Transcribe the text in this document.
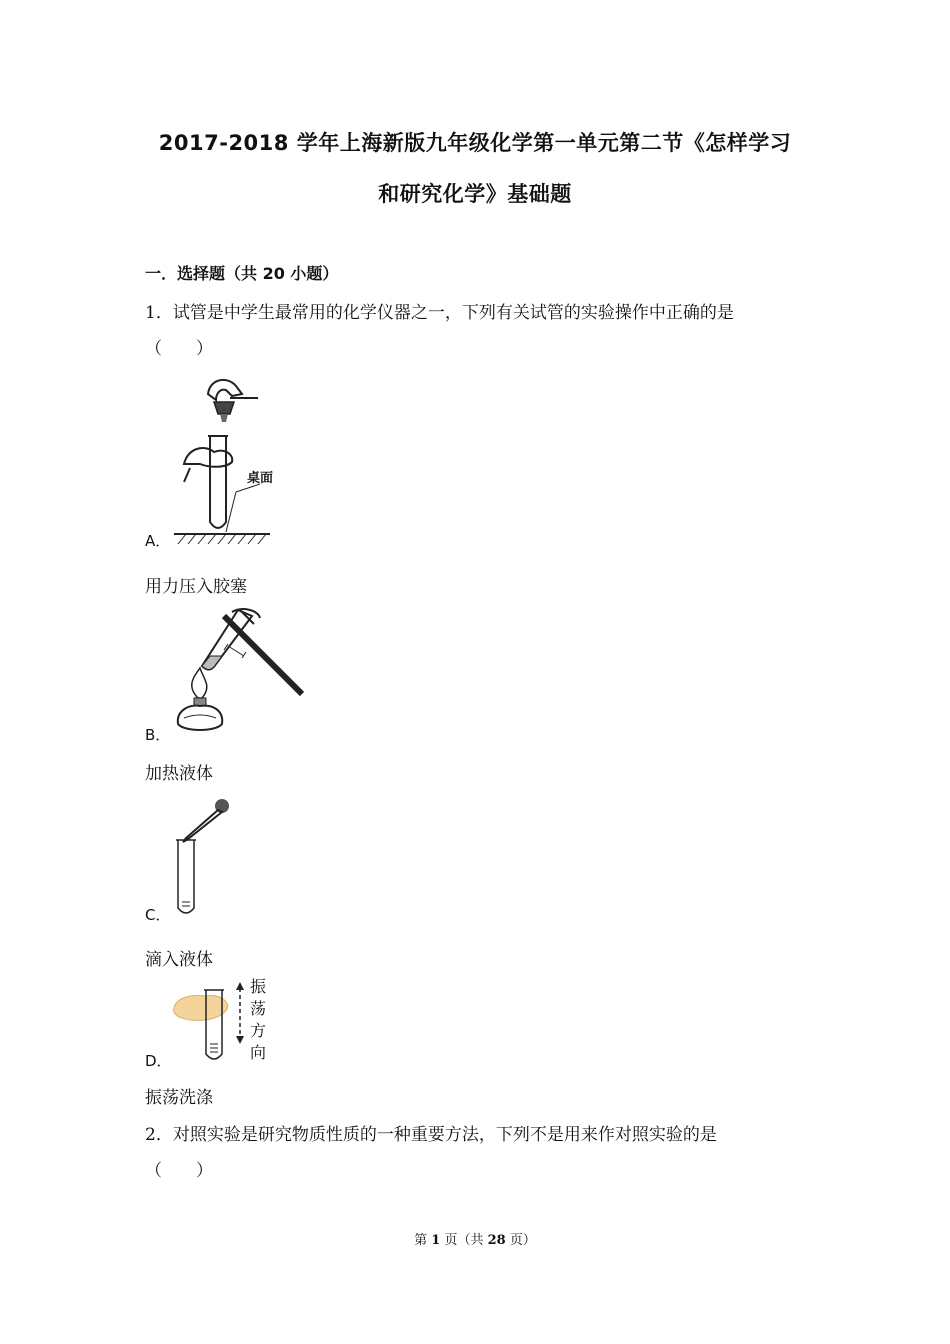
2017-2018 学年上海新版九年级化学第一单元第二节《怎样学习
和研究化学》基础题
一．选择题（共 20 小题）
1．试管是中学生最常用的化学仪器之一，下列有关试管的实验操作中正确的是
（　　）
桌面
A．
用力压入胶塞
B．
加热液体
C．
滴入液体
振
荡
方
向
D．
振荡洗涤
2．对照实验是研究物质性质的一种重要方法，下列不是用来作对照实验的是
（　　）
第 1 页（共 28 页）
